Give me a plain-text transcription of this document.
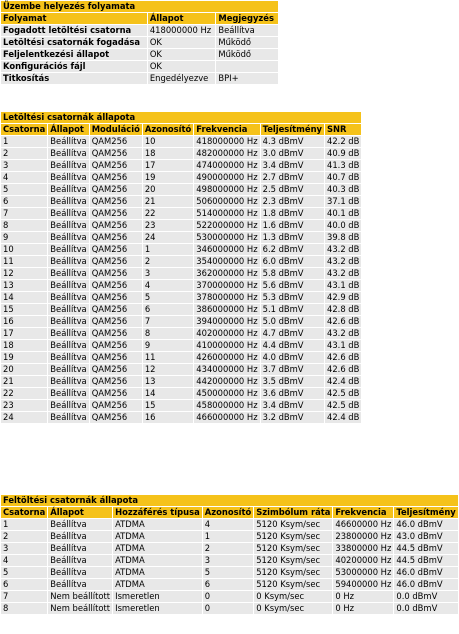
Üzembe helyezés folyamata		
Folyamat	Állapot	Megjegyzés
Fogadott letöltési csatorna	418000000 Hz	Beállítva
Letöltési csatornák fogadása	OK	Működő
Feljelentkezési állapot	OK	Működő
Konfigurációs fájl	OK	
Titkosítás	Engedélyezve	BPI+
Letöltési csatornák állapota						
Csatorna	Állapot	Moduláció	Azonosító	Frekvencia	Teljesítmény	SNR
1	Beállítva	QAM256	10	418000000 Hz	4.3 dBmV	42.2 dB
2	Beállítva	QAM256	18	482000000 Hz	3.0 dBmV	40.9 dB
3	Beállítva	QAM256	17	474000000 Hz	3.4 dBmV	41.3 dB
4	Beállítva	QAM256	19	490000000 Hz	2.7 dBmV	40.7 dB
5	Beállítva	QAM256	20	498000000 Hz	2.5 dBmV	40.3 dB
6	Beállítva	QAM256	21	506000000 Hz	2.3 dBmV	37.1 dB
7	Beállítva	QAM256	22	514000000 Hz	1.8 dBmV	40.1 dB
8	Beállítva	QAM256	23	522000000 Hz	1.6 dBmV	40.0 dB
9	Beállítva	QAM256	24	530000000 Hz	1.3 dBmV	39.8 dB
10	Beállítva	QAM256	1	346000000 Hz	6.2 dBmV	43.2 dB
11	Beállítva	QAM256	2	354000000 Hz	6.0 dBmV	43.2 dB
12	Beállítva	QAM256	3	362000000 Hz	5.8 dBmV	43.2 dB
13	Beállítva	QAM256	4	370000000 Hz	5.6 dBmV	43.1 dB
14	Beállítva	QAM256	5	378000000 Hz	5.3 dBmV	42.9 dB
15	Beállítva	QAM256	6	386000000 Hz	5.1 dBmV	42.8 dB
16	Beállítva	QAM256	7	394000000 Hz	5.0 dBmV	42.6 dB
17	Beállítva	QAM256	8	402000000 Hz	4.7 dBmV	43.2 dB
18	Beállítva	QAM256	9	410000000 Hz	4.4 dBmV	43.1 dB
19	Beállítva	QAM256	11	426000000 Hz	4.0 dBmV	42.6 dB
20	Beállítva	QAM256	12	434000000 Hz	3.7 dBmV	42.6 dB
21	Beállítva	QAM256	13	442000000 Hz	3.5 dBmV	42.4 dB
22	Beállítva	QAM256	14	450000000 Hz	3.6 dBmV	42.5 dB
23	Beállítva	QAM256	15	458000000 Hz	3.4 dBmV	42.5 dB
24	Beállítva	QAM256	16	466000000 Hz	3.2 dBmV	42.4 dB
Feltöltési csatornák állapota						
Csatorna	Állapot	Hozzáférés típusa	Azonosító	Szimbólum ráta	Frekvencia	Teljesítmény
1	Beállítva	ATDMA	4	5120 Ksym/sec	46600000 Hz	46.0 dBmV
2	Beállítva	ATDMA	1	5120 Ksym/sec	23800000 Hz	43.0 dBmV
3	Beállítva	ATDMA	2	5120 Ksym/sec	33800000 Hz	44.5 dBmV
4	Beállítva	ATDMA	3	5120 Ksym/sec	40200000 Hz	44.5 dBmV
5	Beállítva	ATDMA	5	5120 Ksym/sec	53000000 Hz	46.0 dBmV
6	Beállítva	ATDMA	6	5120 Ksym/sec	59400000 Hz	46.0 dBmV
7	Nem beállított	Ismeretlen	0	0 Ksym/sec	0 Hz	0.0 dBmV
8	Nem beállított	Ismeretlen	0	0 Ksym/sec	0 Hz	0.0 dBmV
